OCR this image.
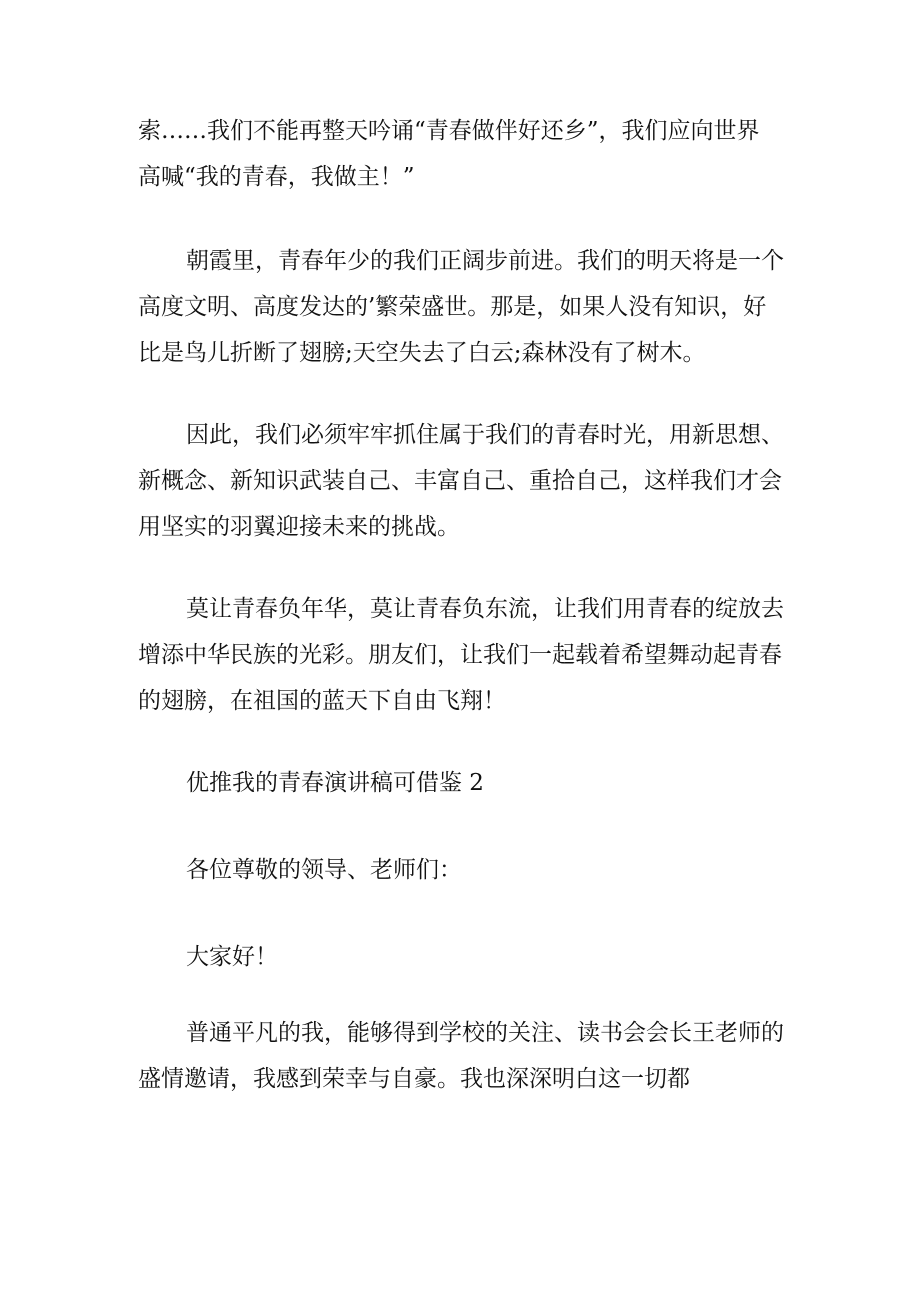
索……我们不能再整天吟诵“青春做伴好还乡”，我们应向世界
高喊“我的青春，我做主！”

朝霞里，青春年少的我们正阔步前进。我们的明天将是一个
高度文明、高度发达的’繁荣盛世。那是，如果人没有知识，好
比是鸟儿折断了翅膀;天空失去了白云;森林没有了树木。

因此，我们必须牢牢抓住属于我们的青春时光，用新思想、
新概念、新知识武装自己、丰富自己、重拾自己，这样我们才会
用坚实的羽翼迎接未来的挑战。

莫让青春负年华，莫让青春负东流，让我们用青春的绽放去
增添中华民族的光彩。朋友们，让我们一起载着希望舞动起青春
的翅膀，在祖国的蓝天下自由飞翔！

优推我的青春演讲稿可借鉴 2

各位尊敬的领导、老师们：

大家好！

普通平凡的我，能够得到学校的关注、读书会会长王老师的
盛情邀请，我感到荣幸与自豪。我也深深明白这一切都
